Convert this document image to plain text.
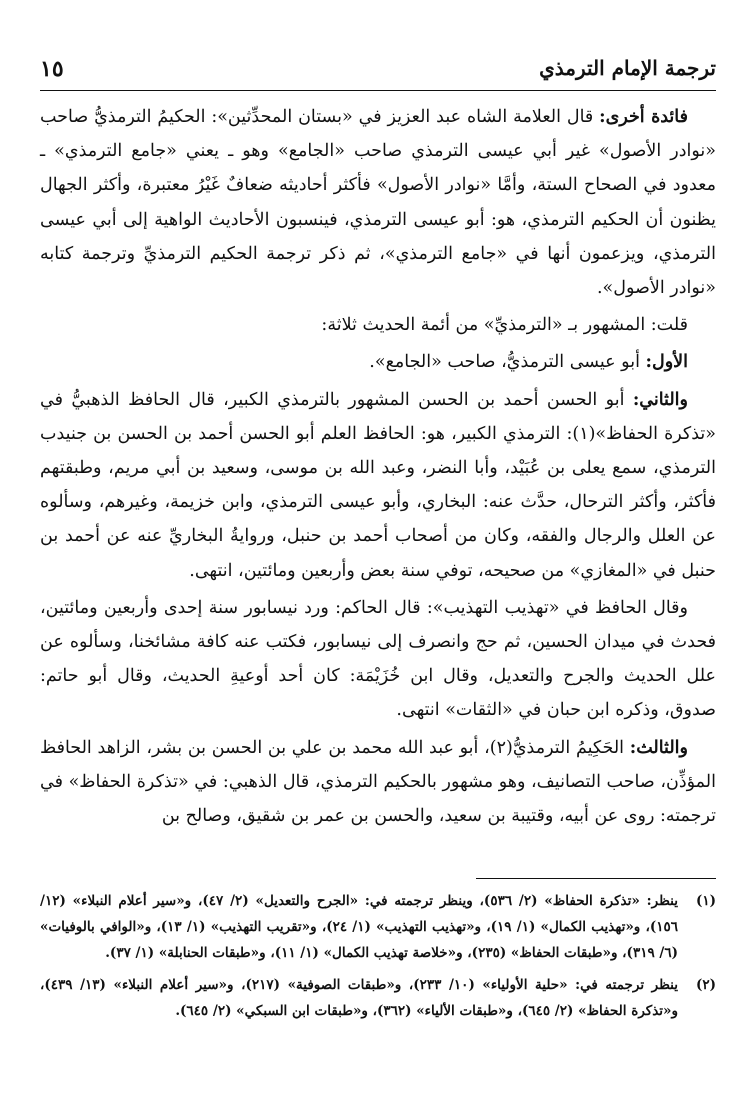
ترجمة الإمام الترمذي
١٥

فائدة أخرى: قال العلامة الشاه عبد العزيز في «بستان المحدِّثين»: الحكيمُ الترمذيُّ صاحب «نوادر الأصول» غير أبي عيسى الترمذي صاحب «الجامع» وهو ـ يعني «جامع الترمذي» ـ معدود في الصحاح الستة، وأمَّا «نوادر الأصول» فأكثر أحاديثه ضعافٌ غَيْرُ معتبرة، وأكثر الجهال يظنون أن الحكيم الترمذي، هو: أبو عيسى الترمذي، فينسبون الأحاديث الواهية إلى أبي عيسى الترمذي، ويزعمون أنها في «جامع الترمذي»، ثم ذكر ترجمة الحكيم الترمذيِّ وترجمة كتابه «نوادر الأصول».

قلت: المشهور بـ «الترمذيِّ» من أئمة الحديث ثلاثة:

الأول: أبو عيسى الترمذيُّ، صاحب «الجامع».

والثاني: أبو الحسن أحمد بن الحسن المشهور بالترمذي الكبير، قال الحافظ الذهبيُّ في «تذكرة الحفاظ»(١): الترمذي الكبير، هو: الحافظ العلم أبو الحسن أحمد بن الحسن بن جنيدب الترمذي، سمع يعلى بن عُبَيْد، وأبا النضر، وعبد الله بن موسى، وسعيد بن أبي مريم، وطبقتهم فأكثر، وأكثر الترحال، حدَّث عنه: البخاري، وأبو عيسى الترمذي، وابن خزيمة، وغيرهم، وسألوه عن العلل والرجال والفقه، وكان من أصحاب أحمد بن حنبل، وروايةُ البخاريِّ عنه عن أحمد بن حنبل في «المغازي» من صحيحه، توفي سنة بعض وأربعين ومائتين، انتهى.

وقال الحافظ في «تهذيب التهذيب»: قال الحاكم: ورد نيسابور سنة إحدى وأربعين ومائتين، فحدث في ميدان الحسين، ثم حج وانصرف إلى نيسابور، فكتب عنه كافة مشائخنا، وسألوه عن علل الحديث والجرح والتعديل، وقال ابن خُزَيْمَة: كان أحد أوعيةِ الحديث، وقال أبو حاتم: صدوق، وذكره ابن حبان في «الثقات» انتهى.

والثالث: الحَكِيمُ الترمذيُّ(٢)، أبو عبد الله محمد بن علي بن الحسن بن بشر، الزاهد الحافظ المؤذِّن، صاحب التصانيف، وهو مشهور بالحكيم الترمذي، قال الذهبي: في «تذكرة الحفاظ» في ترجمته: روى عن أبيه، وقتيبة بن سعيد، والحسن بن عمر بن شقيق، وصالح بن

(١)
ينظر: «تذكرة الحفاظ» (٢/ ٥٣٦)، وينظر ترجمته في: «الجرح والتعديل» (٢/ ٤٧)، و«سير أعلام النبلاء» (١٢/ ١٥٦)، و«تهذيب الكمال» (١/ ١٩)، و«تهذيب التهذيب» (١/ ٢٤)، و«تقريب التهذيب» (١/ ١٣)، و«الوافي بالوفيات» (٦/ ٣١٩)، و«طبقات الحفاظ» (٢٣٥)، و«خلاصة تهذيب الكمال» (١/ ١١)، و«طبقات الحنابلة» (١/ ٣٧).
(٢)
ينظر ترجمته في: «حلية الأولياء» (١٠/ ٢٣٣)، و«طبقات الصوفية» (٢١٧)، و«سير أعلام النبلاء» (١٣/ ٤٣٩)، و«تذكرة الحفاظ» (٢/ ٦٤٥)، و«طبقات الألياء» (٣٦٢)، و«طبقات ابن السبكي» (٢/ ٦٤٥).
